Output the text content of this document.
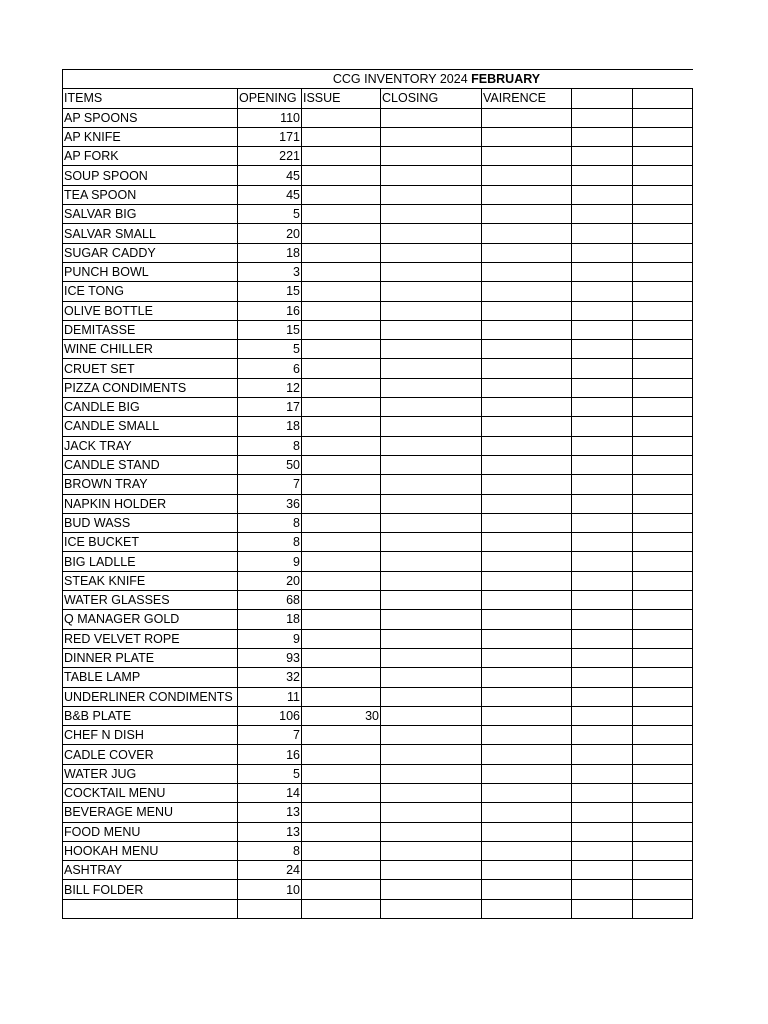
		CCG INVENTORY 2024 FEBRUARY				
ITEMS	OPENING	ISSUE	CLOSING	VAIRENCE		
AP SPOONS	110					
AP KNIFE	171					
AP FORK	221					
SOUP SPOON	45					
TEA SPOON	45					
SALVAR BIG	5					
SALVAR SMALL	20					
SUGAR CADDY	18					
PUNCH BOWL	3					
ICE TONG	15					
OLIVE BOTTLE	16					
DEMITASSE	15					
WINE CHILLER	5					
CRUET SET	6					
PIZZA CONDIMENTS	12					
CANDLE BIG	17					
CANDLE SMALL	18					
JACK TRAY	8					
CANDLE STAND	50					
BROWN TRAY	7					
NAPKIN HOLDER	36					
BUD WASS	8					
ICE BUCKET	8					
BIG LADLLE	9					
STEAK KNIFE	20					
WATER GLASSES	68					
Q MANAGER GOLD	18					
RED VELVET ROPE	9					
DINNER PLATE	93					
TABLE LAMP	32					
UNDERLINER CONDIMENTS	11					
B&B PLATE	106	30				
CHEF N DISH	7					
CADLE COVER	16					
WATER JUG	5					
COCKTAIL MENU	14					
BEVERAGE MENU	13					
FOOD MENU	13					
HOOKAH MENU	8					
ASHTRAY	24					
BILL FOLDER	10					
